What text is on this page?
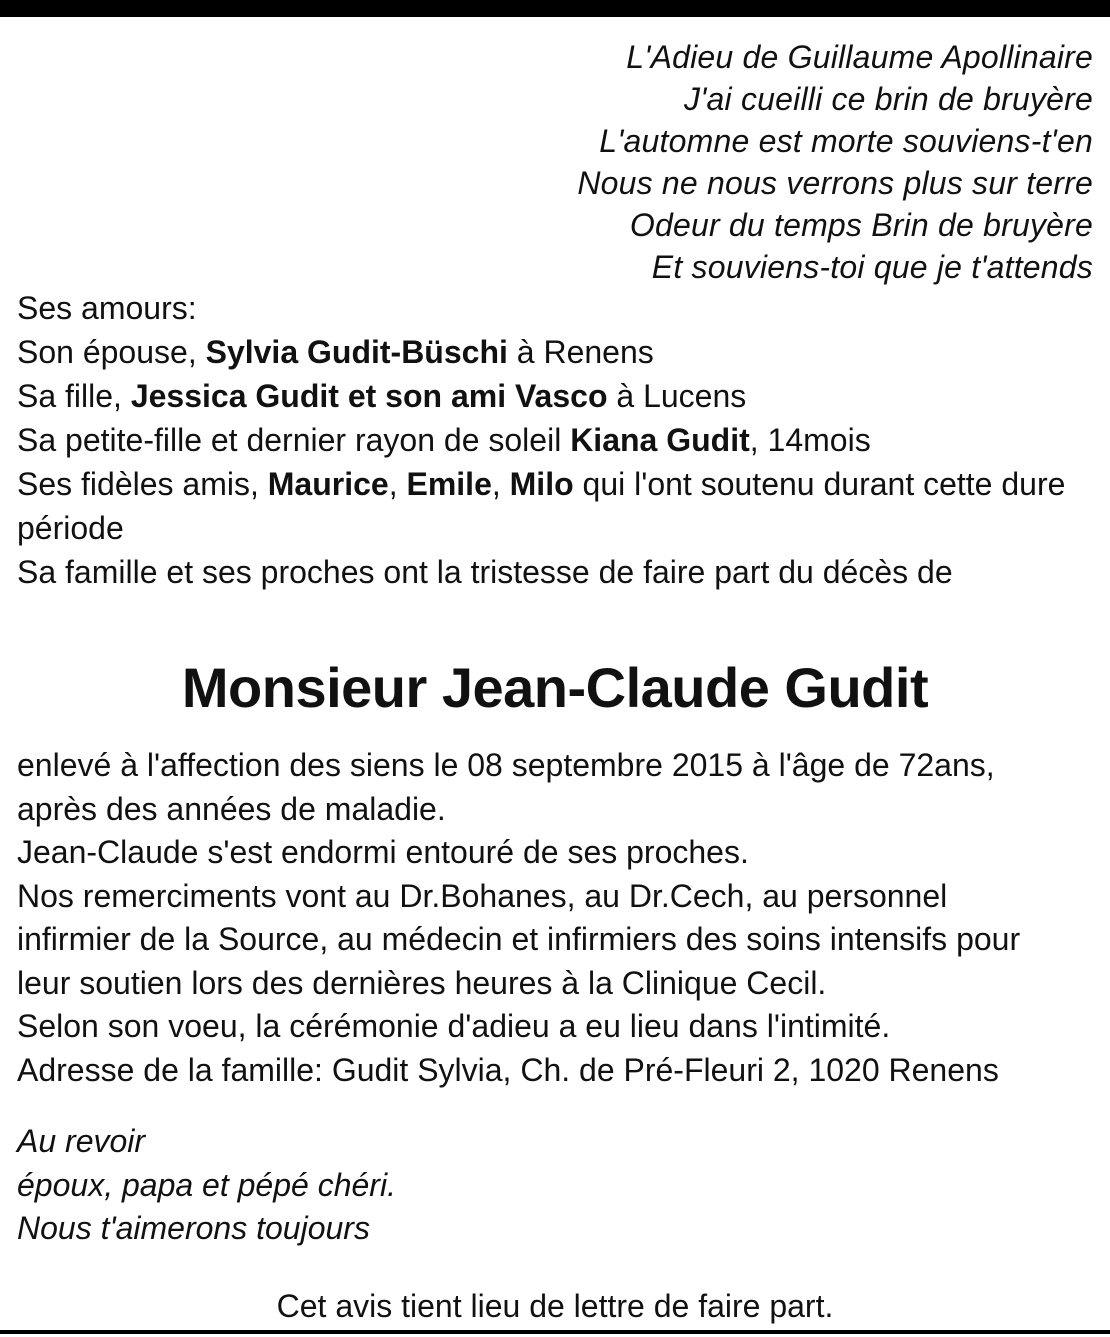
L'Adieu de Guillaume Apollinaire
J'ai cueilli ce brin de bruyère
L'automne est morte souviens-t'en
Nous ne nous verrons plus sur terre
Odeur du temps Brin de bruyère
Et souviens-toi que je t'attends
Ses amours:
Son épouse, Sylvia Gudit-Büschi à Renens
Sa fille, Jessica Gudit et son ami Vasco à Lucens
Sa petite-fille et dernier rayon de soleil Kiana Gudit, 14mois
Ses fidèles amis, Maurice, Emile, Milo qui l'ont soutenu durant cette dure période
Sa famille et ses proches ont la tristesse de faire part du décès de
Monsieur Jean-Claude Gudit
enlevé à l'affection des siens le 08 septembre 2015 à l'âge de 72ans,
après des années de maladie.
Jean-Claude s'est endormi entouré de ses proches.
Nos remerciments vont au Dr.Bohanes, au Dr.Cech, au personnel
infirmier de la Source, au médecin et infirmiers des soins intensifs pour
leur soutien lors des dernières heures à la Clinique Cecil.
Selon son voeu, la cérémonie d'adieu a eu lieu dans l'intimité.
Adresse de la famille: Gudit Sylvia, Ch. de Pré-Fleuri 2, 1020 Renens
Au revoir
époux, papa et pépé chéri.
Nous t'aimerons toujours
Cet avis tient lieu de lettre de faire part.
